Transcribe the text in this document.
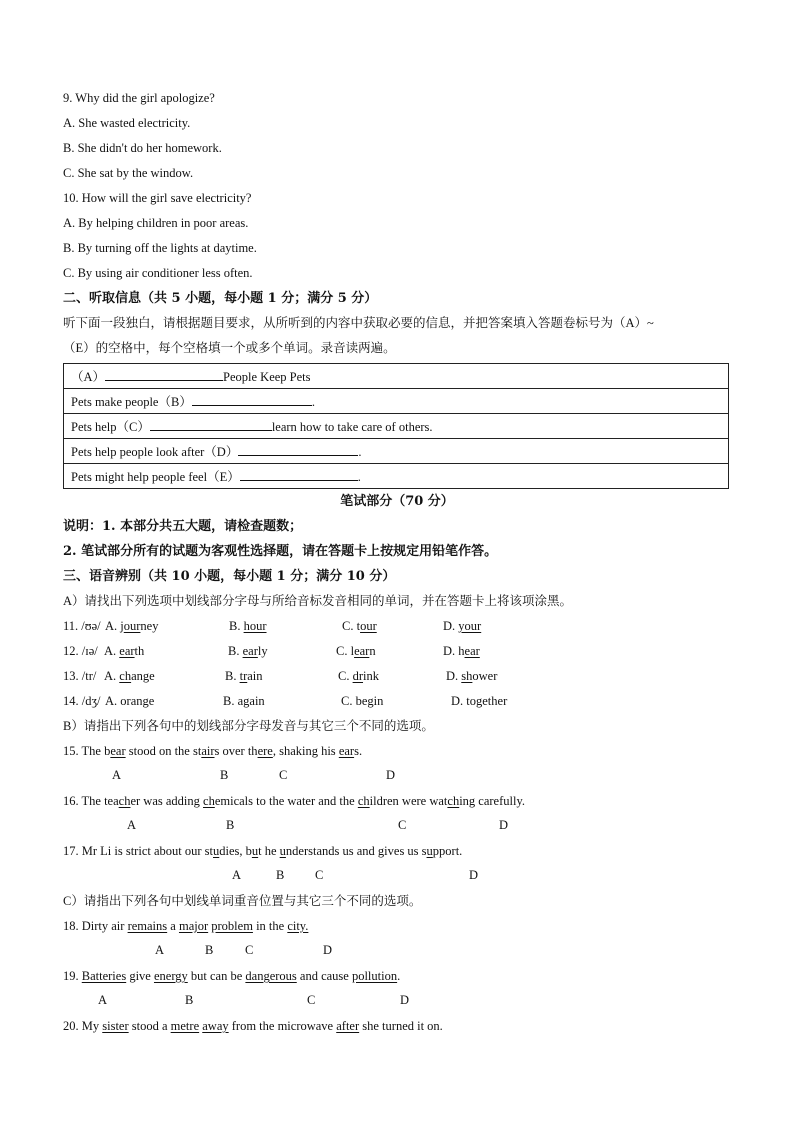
9. Why did the girl apologize?
A. She wasted electricity.
B. She didn't do her homework.
C. She sat by the window.
10. How will the girl save electricity?
A. By helping children in poor areas.
B. By turning off the lights at daytime.
C. By using air conditioner less often.
二、听取信息（共 5 小题，每小题 1 分；满分 5 分）
听下面一段独白，请根据题目要求，从所听到的内容中获取必要的信息，并把答案填入答题卷标号为（A）~
（E）的空格中，每个空格填一个或多个单词。录音读两遍。
（A）	People Keep Pets
Pets make people（B）	.
Pets help（C）	learn how to take care of others.
Pets help people look after（D）	.
Pets might help people feel（E）	.
笔试部分（70 分）
说明：1. 本部分共五大题，请检查题数；
2. 笔试部分所有的试题为客观性选择题，请在答题卡上按规定用铅笔作答。
三、语音辨别（共 10 小题，每小题 1 分；满分 10 分）
A）请找出下列选项中划线部分字母与所给音标发音相同的单词，并在答题卡上将该项涂黑。
11. /ʊə/ A. journey	B. hour	C. tour	D. your
12. /ɪə/ A. earth	B. early	C. learn	D. hear
13. /tr/ A. change	B. train	C. drink	D. shower
14. /dʒ/ A. orange	B. again	C. begin	D. together
B）请指出下列各句中的划线部分字母发音与其它三个不同的选项。
15. The bear stood on the stairs over there, shaking his ears.
A	B	C	D
16. The teacher was adding chemicals to the water and the children were watching carefully.
A	B	C	D
17. Mr Li is strict about our studies, but he understands us and gives us support.
A	B C	D
C）请指出下列各句中划线单词重音位置与其它三个不同的选项。
18. Dirty air remains a major problem in the city.
A	B	C	D
19. Batteries give energy but can be dangerous and cause pollution.
A	B	C	D
20. My sister stood a metre away from the microwave after she turned it on.
